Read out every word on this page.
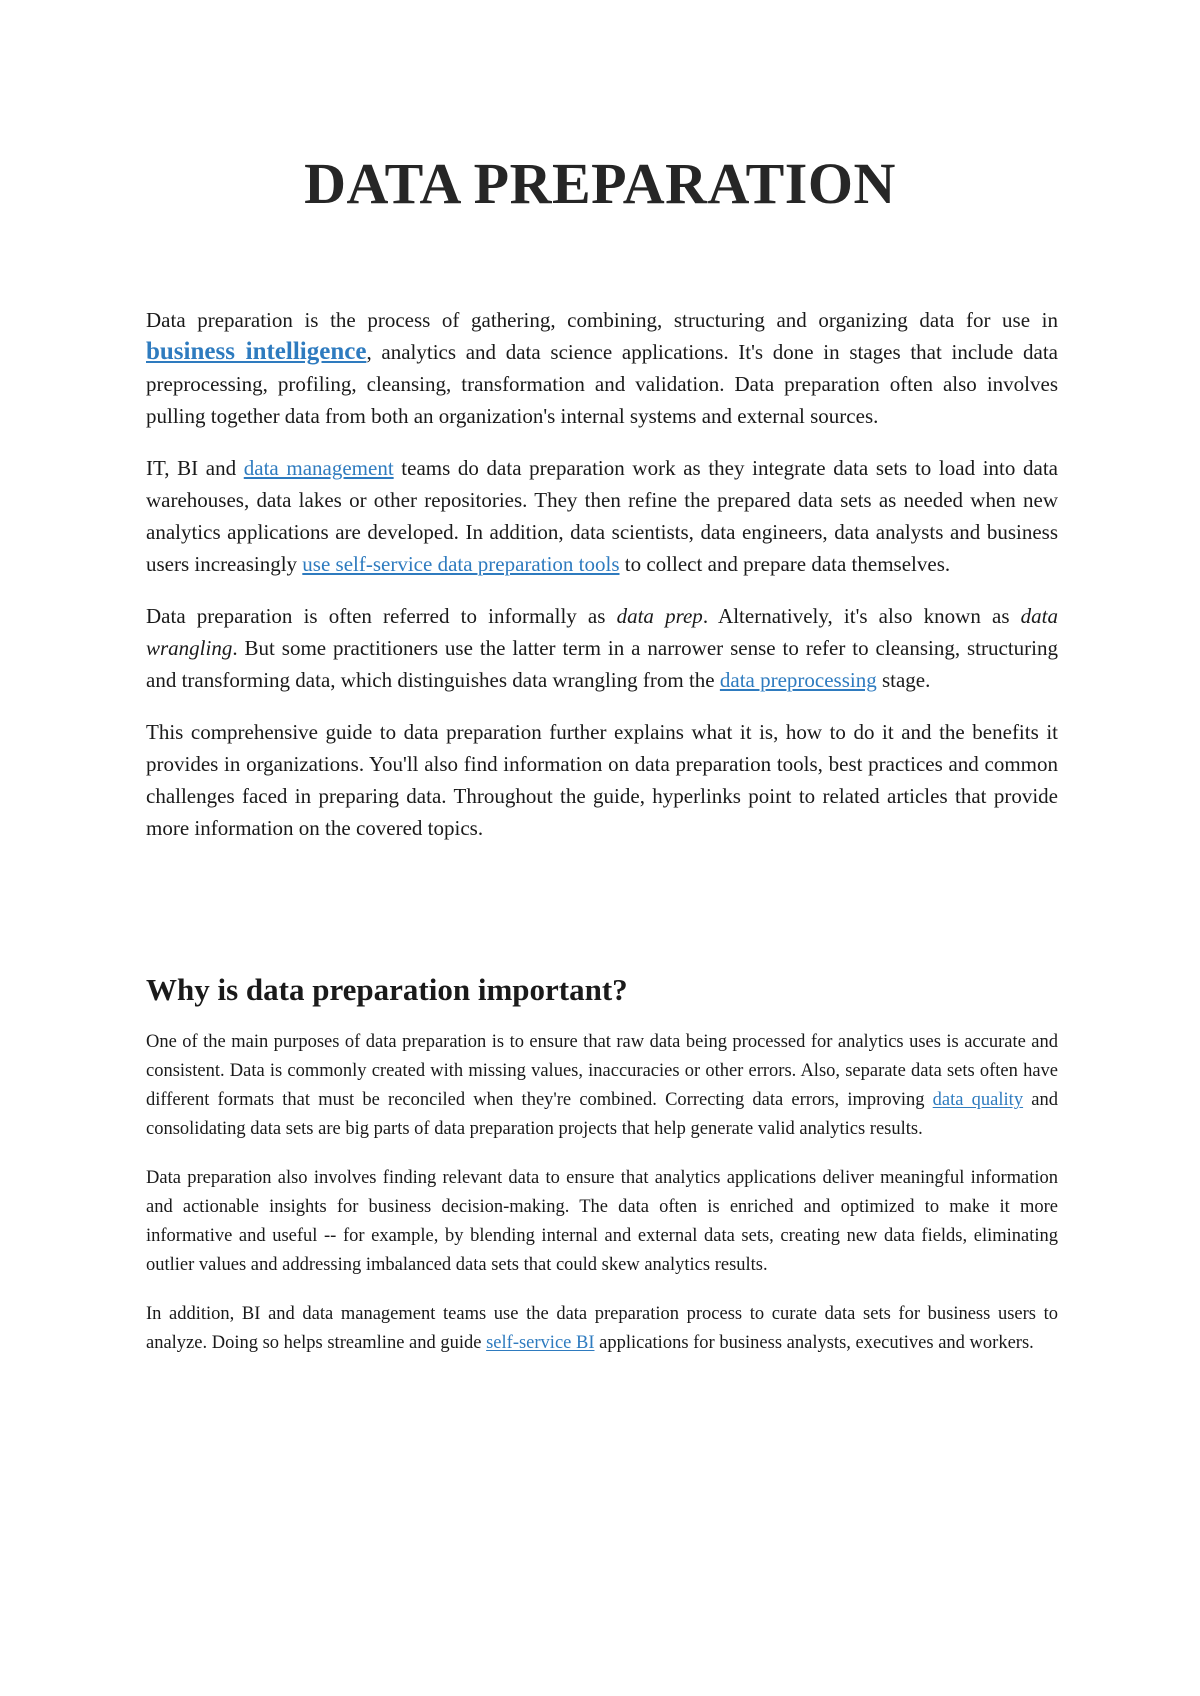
DATA PREPARATION

Data preparation is the process of gathering, combining, structuring and organizing data for use in business intelligence, analytics and data science applications. It's done in stages that include data preprocessing, profiling, cleansing, transformation and validation. Data preparation often also involves pulling together data from both an organization's internal systems and external sources.

IT, BI and data management teams do data preparation work as they integrate data sets to load into data warehouses, data lakes or other repositories. They then refine the prepared data sets as needed when new analytics applications are developed. In addition, data scientists, data engineers, data analysts and business users increasingly use self-service data preparation tools to collect and prepare data themselves.

Data preparation is often referred to informally as data prep. Alternatively, it's also known as data wrangling. But some practitioners use the latter term in a narrower sense to refer to cleansing, structuring and transforming data, which distinguishes data wrangling from the data preprocessing stage.

This comprehensive guide to data preparation further explains what it is, how to do it and the benefits it provides in organizations. You'll also find information on data preparation tools, best practices and common challenges faced in preparing data. Throughout the guide, hyperlinks point to related articles that provide more information on the covered topics.

Why is data preparation important?

One of the main purposes of data preparation is to ensure that raw data being processed for analytics uses is accurate and consistent. Data is commonly created with missing values, inaccuracies or other errors. Also, separate data sets often have different formats that must be reconciled when they're combined. Correcting data errors, improving data quality and consolidating data sets are big parts of data preparation projects that help generate valid analytics results.

Data preparation also involves finding relevant data to ensure that analytics applications deliver meaningful information and actionable insights for business decision-making. The data often is enriched and optimized to make it more informative and useful -- for example, by blending internal and external data sets, creating new data fields, eliminating outlier values and addressing imbalanced data sets that could skew analytics results.

In addition, BI and data management teams use the data preparation process to curate data sets for business users to analyze. Doing so helps streamline and guide self-service BI applications for business analysts, executives and workers.
